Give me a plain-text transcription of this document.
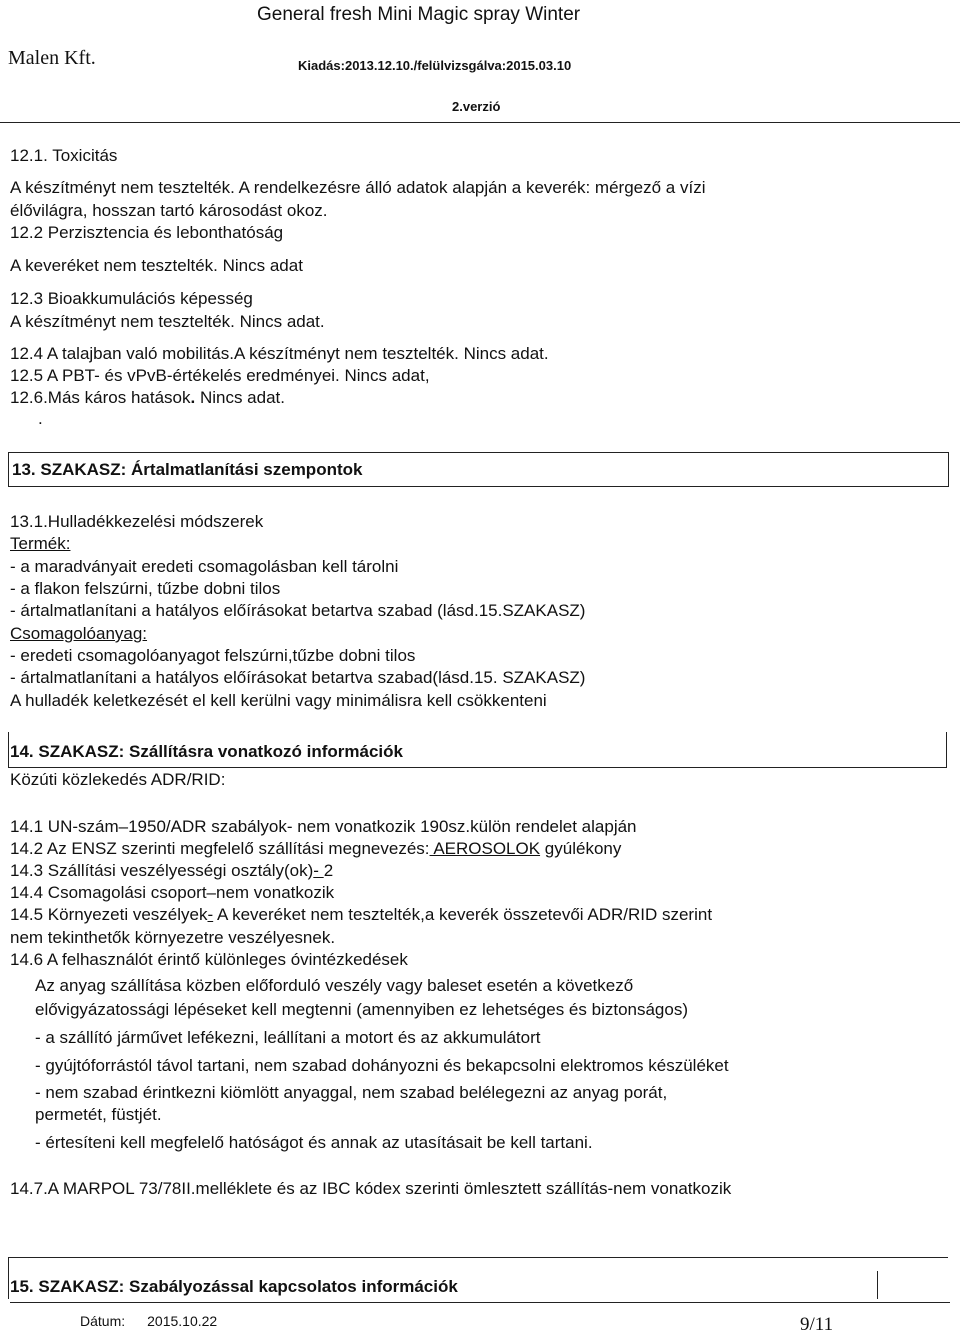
General fresh Mini Magic spray Winter
Malen Kft.	Kiadás:2013.12.10./felülvizsgálva:2015.03.10
2.verzió
12.1. Toxicitás
A készítményt nem tesztelték. A rendelkezésre álló adatok alapján a keverék: mérgező a vízi
élővilágra, hosszan tartó károsodást okoz.
12.2 Perzisztencia és lebonthatóság
A keveréket nem tesztelték. Nincs adat
12.3 Bioakkumulációs képesség
A készítményt nem tesztelték. Nincs adat.
12.4 A talajban való mobilitás.A készítményt nem tesztelték. Nincs adat.
12.5 A PBT- és vPvB-értékelés eredményei. Nincs adat,
12.6.Más káros hatások. Nincs adat.
.
13. SZAKASZ: Ártalmatlanítási szempontok
13.1.Hulladékkezelési módszerek
Termék:
- a maradványait eredeti csomagolásban kell tárolni
- a flakon felszúrni, tűzbe dobni tilos
- ártalmatlanítani a hatályos előírásokat betartva szabad (lásd.15.SZAKASZ)
Csomagolóanyag:
- eredeti csomagolóanyagot felszúrni,tűzbe dobni tilos
- ártalmatlanítani a hatályos előírásokat betartva szabad(lásd.15. SZAKASZ)
A hulladék keletkezését el kell kerülni vagy minimálisra kell csökkenteni
14. SZAKASZ: Szállításra vonatkozó információk
Közúti közlekedés ADR/RID:
14.1 UN-szám–1950/ADR szabályok- nem vonatkozik 190sz.külön rendelet alapján
14.2 Az ENSZ szerinti megfelelő szállítási megnevezés: AEROSOLOK gyúlékony
14.3 Szállítási veszélyességi osztály(ok)- 2
14.4 Csomagolási csoport–nem vonatkozik
14.5 Környezeti veszélyek- A keveréket nem tesztelték,a keverék összetevői ADR/RID szerint
nem tekinthetők környezetre veszélyesnek.
14.6 A felhasználót érintő különleges óvintézkedések
Az anyag szállítása közben előforduló veszély vagy baleset esetén a következő
elővigyázatossági lépéseket kell megtenni (amennyiben ez lehetséges és biztonságos)
- a szállító járművet lefékezni, leállítani a motort és az akkumulátort
- gyújtóforrástól távol tartani, nem szabad dohányozni és bekapcsolni elektromos készüléket
- nem szabad érintkezni kiömlött anyaggal, nem szabad belélegezni az anyag porát,
permetét, füstjét.
- értesíteni kell megfelelő hatóságot és annak az utasításait be kell tartani.
14.7.A MARPOL 73/78II.melléklete és az IBC kódex szerinti ömlesztett szállítás-nem vonatkozik
15. SZAKASZ: Szabályozással kapcsolatos információk
Dátum: 2015.10.22	9/11
